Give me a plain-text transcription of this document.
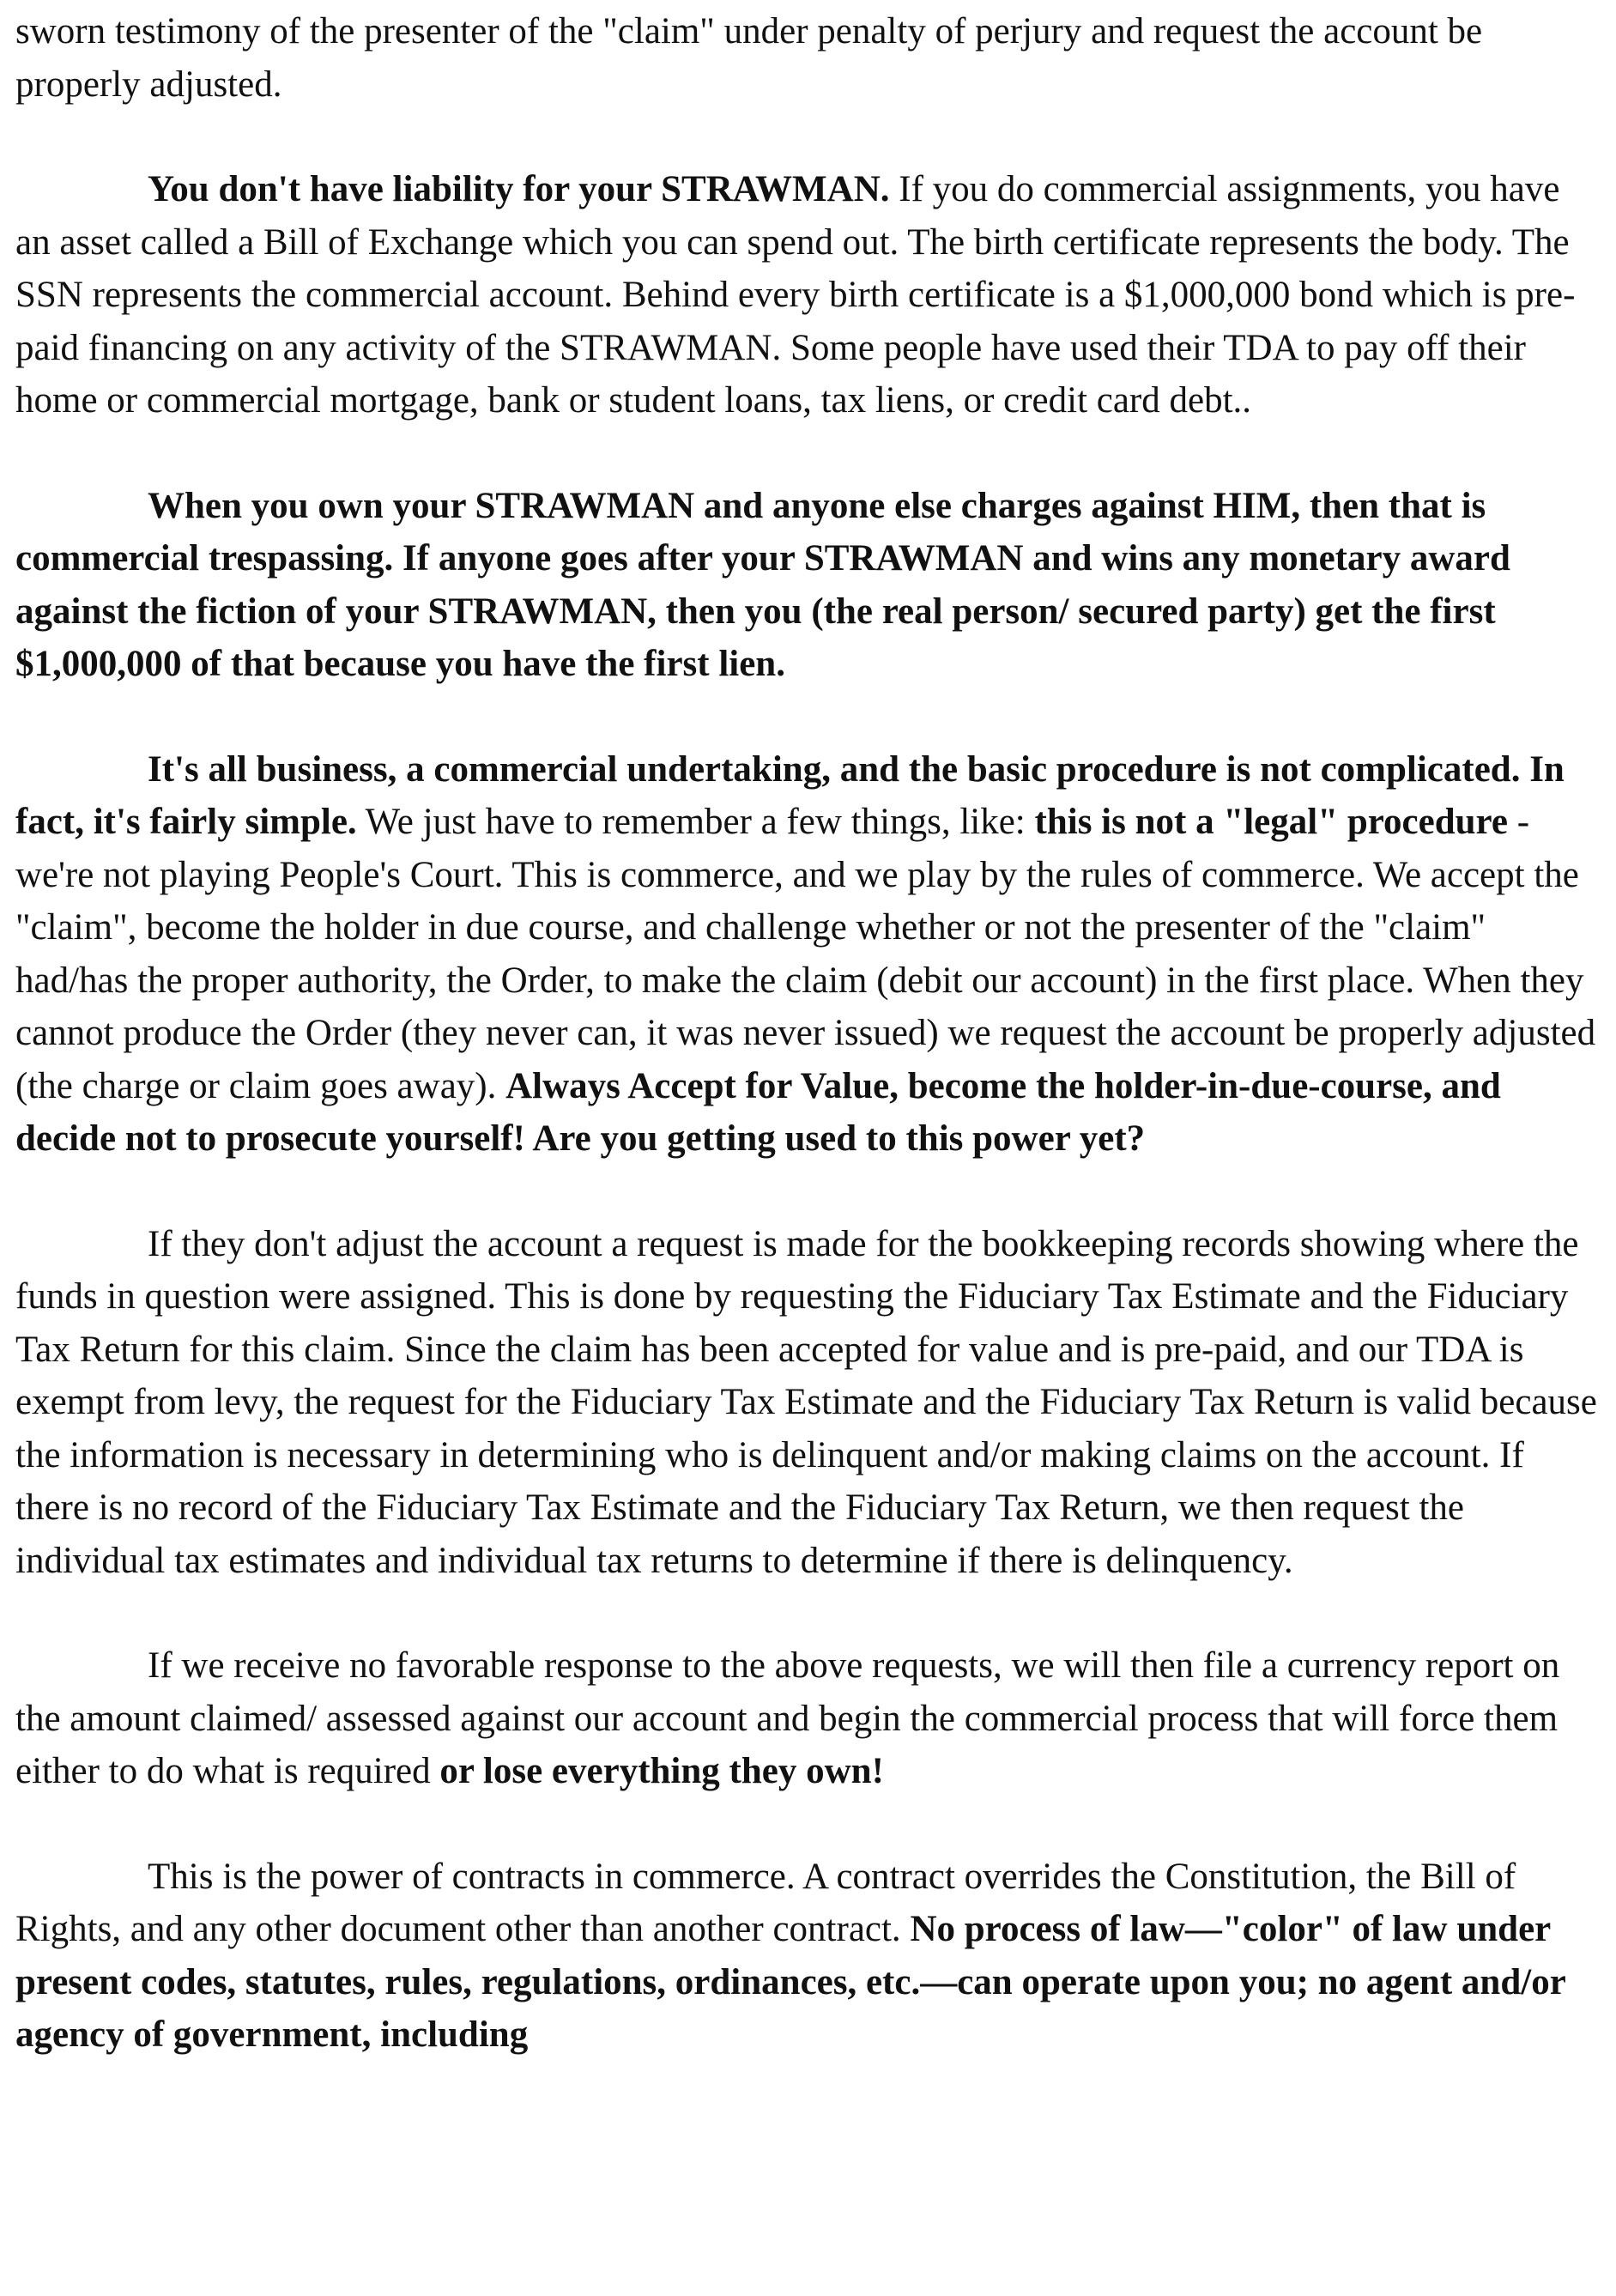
sworn testimony of the presenter of the "claim" under penalty of perjury and request the account be properly adjusted.

You don't have liability for your STRAWMAN. If you do commercial assignments, you have an asset called a Bill of Exchange which you can spend out. The birth certificate represents the body. The SSN represents the commercial account. Behind every birth certificate is a $1,000,000 bond which is pre-paid financing on any activity of the STRAWMAN. Some people have used their TDA to pay off their home or commercial mortgage, bank or student loans, tax liens, or credit card debt..

When you own your STRAWMAN and anyone else charges against HIM, then that is commercial trespassing. If anyone goes after your STRAWMAN and wins any monetary award against the fiction of your STRAWMAN, then you (the real person/ secured party) get the first $1,000,000 of that because you have the first lien.

It's all business, a commercial undertaking, and the basic procedure is not complicated. In fact, it's fairly simple. We just have to remember a few things, like: this is not a "legal" procedure - we're not playing People's Court. This is commerce, and we play by the rules of commerce. We accept the "claim", become the holder in due course, and challenge whether or not the presenter of the "claim" had/has the proper authority, the Order, to make the claim (debit our account) in the first place. When they cannot produce the Order (they never can, it was never issued) we request the account be properly adjusted (the charge or claim goes away). Always Accept for Value, become the holder-in-due-course, and decide not to prosecute yourself! Are you getting used to this power yet?

If they don't adjust the account a request is made for the bookkeeping records showing where the funds in question were assigned. This is done by requesting the Fiduciary Tax Estimate and the Fiduciary Tax Return for this claim. Since the claim has been accepted for value and is pre-paid, and our TDA is exempt from levy, the request for the Fiduciary Tax Estimate and the Fiduciary Tax Return is valid because the information is necessary in determining who is delinquent and/or making claims on the account. If there is no record of the Fiduciary Tax Estimate and the Fiduciary Tax Return, we then request the individual tax estimates and individual tax returns to determine if there is delinquency.

If we receive no favorable response to the above requests, we will then file a currency report on the amount claimed/ assessed against our account and begin the commercial process that will force them either to do what is required or lose everything they own!

This is the power of contracts in commerce. A contract overrides the Constitution, the Bill of Rights, and any other document other than another contract. No process of law—"color" of law under present codes, statutes, rules, regulations, ordinances, etc.—can operate upon you; no agent and/or agency of government, including
